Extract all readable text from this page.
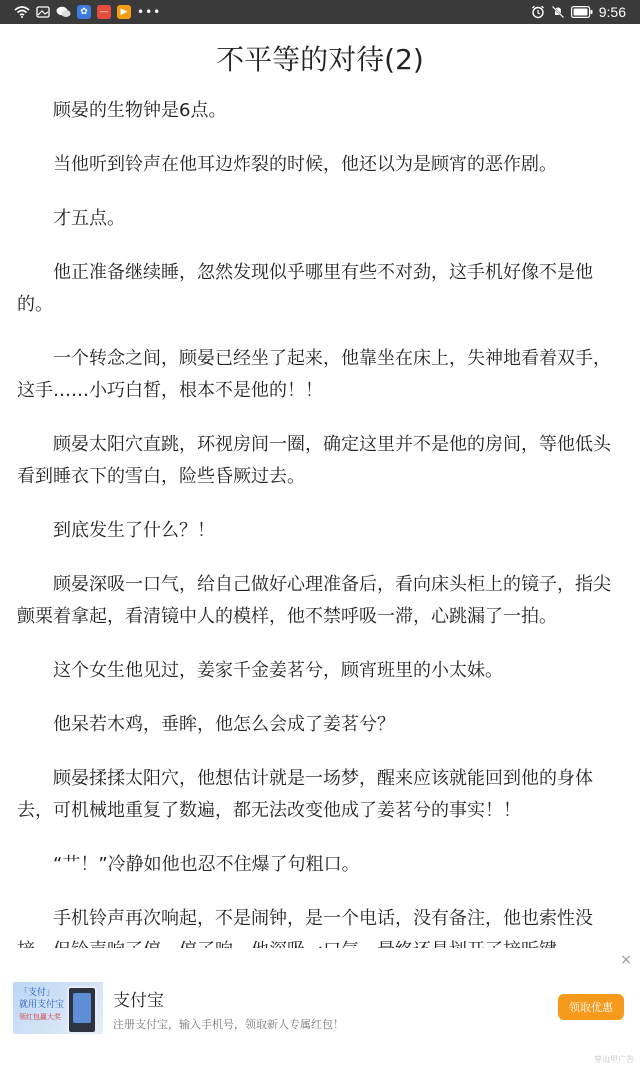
✿	—	▶ •••	9:56
不平等的对待(2)

顾晏的生物钟是6点。

当他听到铃声在他耳边炸裂的时候，他还以为是顾宵的恶作剧。

才五点。

他正准备继续睡，忽然发现似乎哪里有些不对劲，这手机好像不是他的。

一个转念之间，顾晏已经坐了起来，他靠坐在床上，失神地看着双手，这手……小巧白皙，根本不是他的！！

顾晏太阳穴直跳，环视房间一圈，确定这里并不是他的房间，等他低头看到睡衣下的雪白，险些昏厥过去。

到底发生了什么？！

顾晏深吸一口气，给自己做好心理准备后，看向床头柜上的镜子，指尖颤栗着拿起，看清镜中人的模样，他不禁呼吸一滞，心跳漏了一拍。

这个女生他见过，姜家千金姜茗兮，顾宵班里的小太妹。

他呆若木鸡，垂眸，他怎么会成了姜茗兮？

顾晏揉揉太阳穴，他想估计就是一场梦，醒来应该就能回到他的身体去，可机械地重复了数遍，都无法改变他成了姜茗兮的事实！！

“艹！”冷静如他也忍不住爆了句粗口。

手机铃声再次响起，不是闹钟，是一个电话，没有备注，他也索性没

×
「支付」
就用支付宝
领红包赢大奖
支付宝
注册支付宝，输入手机号，领取新人专属红包！
领取优惠
穿山甲广告
